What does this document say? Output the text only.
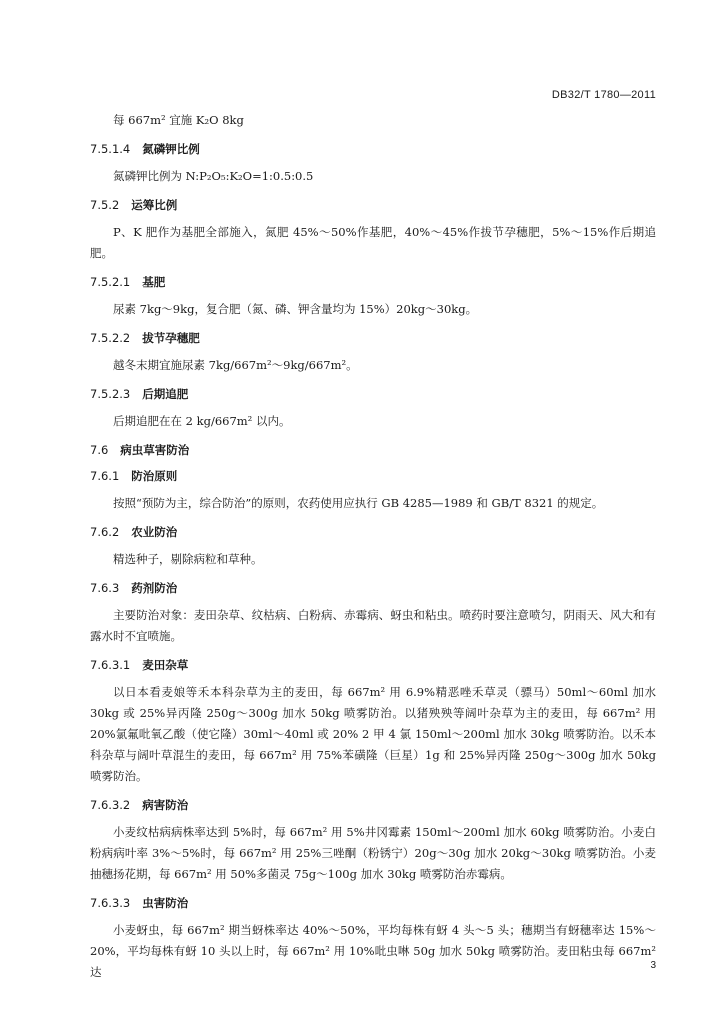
DB32/T 1780—2011

每 667m² 宜施 K₂O 8kg

7.5.1.4 氮磷钾比例

氮磷钾比例为 N:P₂O₅:K₂O=1:0.5:0.5

7.5.2 运筹比例

P、K 肥作为基肥全部施入，氮肥 45%～50%作基肥，40%～45%作拔节孕穗肥，5%～15%作后期追肥。

7.5.2.1 基肥

尿素 7kg～9kg，复合肥（氮、磷、钾含量均为 15%）20kg～30kg。

7.5.2.2 拔节孕穗肥

越冬末期宜施尿素 7kg/667m²～9kg/667m²。

7.5.2.3 后期追肥

后期追肥在在 2 kg/667m² 以内。

7.6 病虫草害防治

7.6.1 防治原则

按照“预防为主，综合防治”的原则，农药使用应执行 GB 4285—1989 和 GB/T 8321 的规定。

7.6.2 农业防治

精选种子，剔除病粒和草种。

7.6.3 药剂防治

主要防治对象：麦田杂草、纹枯病、白粉病、赤霉病、蚜虫和粘虫。喷药时要注意喷匀，阴雨天、风大和有露水时不宜喷施。

7.6.3.1 麦田杂草

以日本看麦娘等禾本科杂草为主的麦田，每 667m² 用 6.9%精恶唑禾草灵（骠马）50ml～60ml 加水 30kg 或 25%异丙隆 250g～300g 加水 50kg 喷雾防治。以猪殃殃等阔叶杂草为主的麦田，每 667m² 用 20%氯氟吡氧乙酸（使它隆）30ml～40ml 或 20% 2 甲 4 氯 150ml～200ml 加水 30kg 喷雾防治。以禾本科杂草与阔叶草混生的麦田，每 667m² 用 75%苯磺隆（巨星）1g 和 25%异丙隆 250g～300g 加水 50kg 喷雾防治。

7.6.3.2 病害防治

小麦纹枯病病株率达到 5%时，每 667m² 用 5%井冈霉素 150ml～200ml 加水 60kg 喷雾防治。小麦白粉病病叶率 3%～5%时，每 667m² 用 25%三唑酮（粉锈宁）20g～30g 加水 20kg～30kg 喷雾防治。小麦抽穗扬花期，每 667m² 用 50%多菌灵 75g～100g 加水 30kg 喷雾防治赤霉病。

7.6.3.3 虫害防治

小麦蚜虫，每 667m² 期当蚜株率达 40%～50%，平均每株有蚜 4 头～5 头；穗期当有蚜穗率达 15%～20%，平均每株有蚜 10 头以上时，每 667m² 用 10%吡虫啉 50g 加水 50kg 喷雾防治。麦田粘虫每 667m² 达	3
